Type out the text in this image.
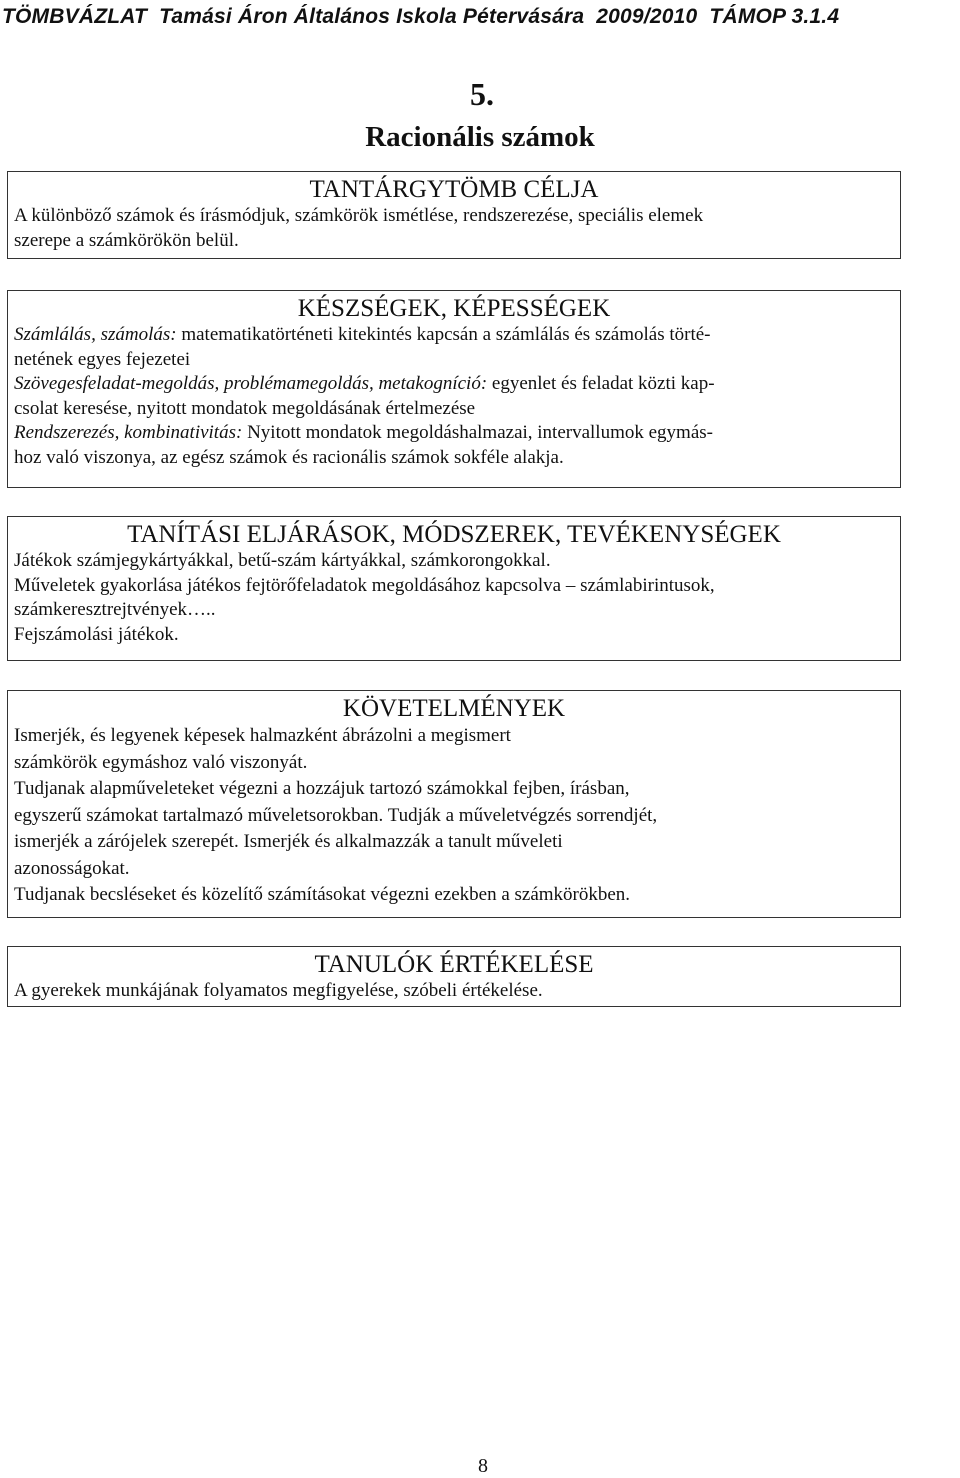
TÖMBVÁZLAT  Tamási Áron Általános Iskola Pétervására  2009/2010  TÁMOP 3.1.4
5.
Racionális számok
TANTÁRGYTÖMB CÉLJA

A különböző számok és írásmódjuk, számkörök ismétlése, rendszerezése, speciális elemek

szerepe a számkörökön belül.

KÉSZSÉGEK, KÉPESSÉGEK

Számlálás, számolás: matematikatörténeti kitekintés kapcsán a számlálás és számolás törté-

netének egyes fejezetei

Szövegesfeladat-megoldás, problémamegoldás, metakogníció: egyenlet és feladat közti kap-

csolat keresése, nyitott mondatok megoldásának értelmezése

Rendszerezés, kombinativitás: Nyitott mondatok megoldáshalmazai, intervallumok egymás-

hoz való viszonya, az egész számok és racionális számok sokféle alakja.

TANÍTÁSI ELJÁRÁSOK, MÓDSZEREK, TEVÉKENYSÉGEK

Játékok számjegykártyákkal, betű-szám kártyákkal, számkorongokkal.

Műveletek gyakorlása játékos fejtörőfeladatok megoldásához kapcsolva – számlabirintusok,

számkeresztrejtvények…..

Fejszámolási játékok.

KÖVETELMÉNYEK

Ismerjék, és legyenek képesek halmazként ábrázolni a megismert

számkörök egymáshoz való viszonyát.

Tudjanak alapműveleteket végezni a hozzájuk tartozó számokkal fejben, írásban,

egyszerű számokat tartalmazó műveletsorokban. Tudják a műveletvégzés sorrendjét,

ismerjék a zárójelek szerepét. Ismerjék és alkalmazzák a tanult műveleti

azonosságokat.

Tudjanak becsléseket és közelítő számításokat végezni ezekben a számkörökben.

TANULÓK ÉRTÉKELÉSE

A gyerekek munkájának folyamatos megfigyelése, szóbeli értékelése.

8
